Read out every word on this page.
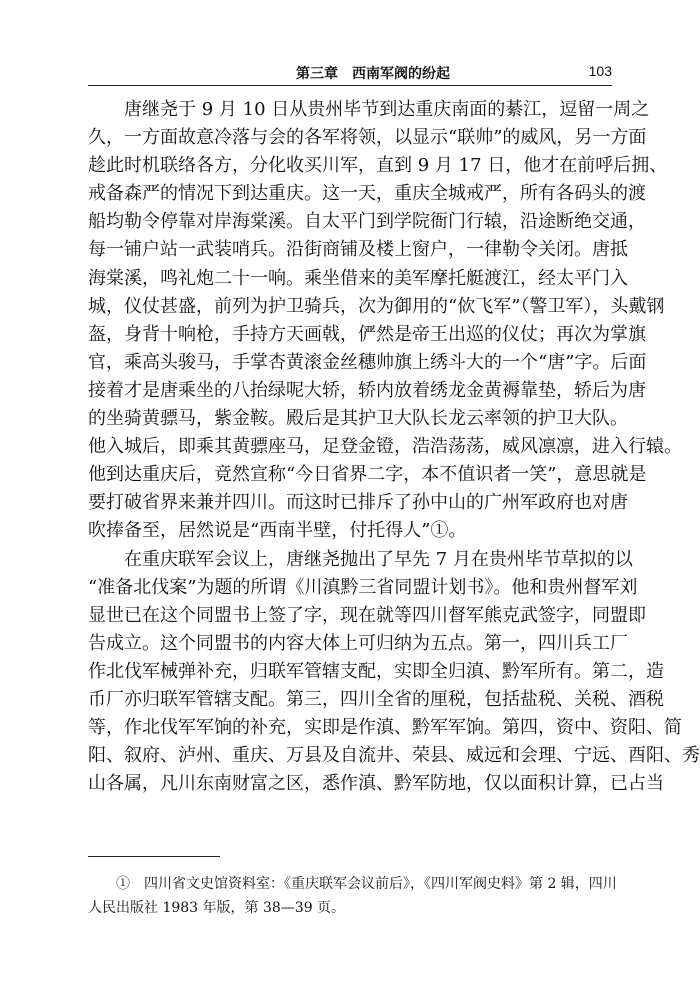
第三章　西南军阀的纷起	103
　　唐继尧于 9 月 10 日从贵州毕节到达重庆南面的綦江，逗留一周之
久，一方面故意冷落与会的各军将领，以显示“联帅”的威风，另一方面
趁此时机联络各方，分化收买川军，直到 9 月 17 日，他才在前呼后拥、
戒备森严的情况下到达重庆。这一天，重庆全城戒严，所有各码头的渡
船均勒令停靠对岸海棠溪。自太平门到学院衙门行辕，沿途断绝交通，
每一铺户站一武装哨兵。沿街商铺及楼上窗户，一律勒令关闭。唐抵
海棠溪，鸣礼炮二十一响。乘坐借来的美军摩托艇渡江，经太平门入
城，仪仗甚盛，前列为护卫骑兵，次为御用的“佽飞军”（警卫军），头戴钢
盔，身背十响枪，手持方天画戟，俨然是帝王出巡的仪仗；再次为掌旗
官，乘高头骏马，手掌杏黄滚金丝穗帅旗上绣斗大的一个“唐”字。后面
接着才是唐乘坐的八抬绿呢大轿，轿内放着绣龙金黄褥靠垫，轿后为唐
的坐骑黄骠马，紫金鞍。殿后是其护卫大队长龙云率领的护卫大队。
他入城后，即乘其黄骠座马，足登金镫，浩浩荡荡，威风凛凛，进入行辕。
他到达重庆后，竟然宣称“今日省界二字，本不值识者一笑”，意思就是
要打破省界来兼并四川。而这时已排斥了孙中山的广州军政府也对唐
吹捧备至，居然说是“西南半壁，付托得人”①。
　　在重庆联军会议上，唐继尧抛出了早先 7 月在贵州毕节草拟的以
“准备北伐案”为题的所谓《川滇黔三省同盟计划书》。他和贵州督军刘
显世已在这个同盟书上签了字，现在就等四川督军熊克武签字，同盟即
告成立。这个同盟书的内容大体上可归纳为五点。第一，四川兵工厂
作北伐军械弹补充，归联军管辖支配，实即全归滇、黔军所有。第二，造
币厂亦归联军管辖支配。第三，四川全省的厘税，包括盐税、关税、酒税
等，作北伐军军饷的补充，实即是作滇、黔军军饷。第四，资中、资阳、简
阳、叙府、泸州、重庆、万县及自流井、荣县、威远和会理、宁远、酉阳、秀
山各属，凡川东南财富之区，悉作滇、黔军防地，仅以面积计算，已占当
　　①　四川省文史馆资料室：《重庆联军会议前后》，《四川军阀史料》第 2 辑，四川
人民出版社 1983 年版，第 38—39 页。
